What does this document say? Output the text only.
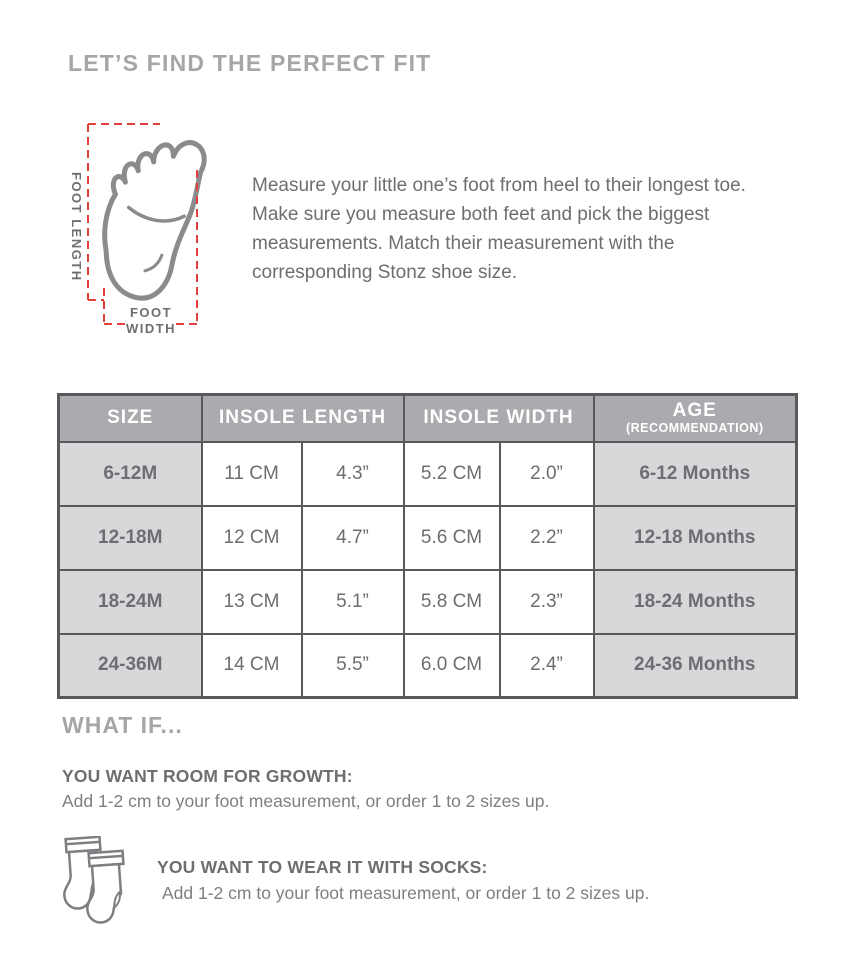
LET’S FIND THE PERFECT FIT
FOOT LENGTH
FOOT
WIDTH
Measure your little one’s foot from heel to their longest toe. Make sure you measure both feet and pick the biggest measurements. Match their measurement with the corresponding Stonz shoe size.
SIZE	INSOLE LENGTH		INSOLE WIDTH		AGE
(RECOMMENDATION)

6-12M	11 CM	4.3”	5.2 CM	2.0”	6-12 Months
12-18M	12 CM	4.7”	5.6 CM	2.2”	12-18 Months
18-24M	13 CM	5.1”	5.8 CM	2.3”	18-24 Months
24-36M	14 CM	5.5”	6.0 CM	2.4”	24-36 Months
WHAT IF...
YOU WANT ROOM FOR GROWTH:
Add 1-2 cm to your foot measurement, or order 1 to 2 sizes up.
YOU WANT TO WEAR IT WITH SOCKS:
Add 1-2 cm to your foot measurement, or order 1 to 2 sizes up.
